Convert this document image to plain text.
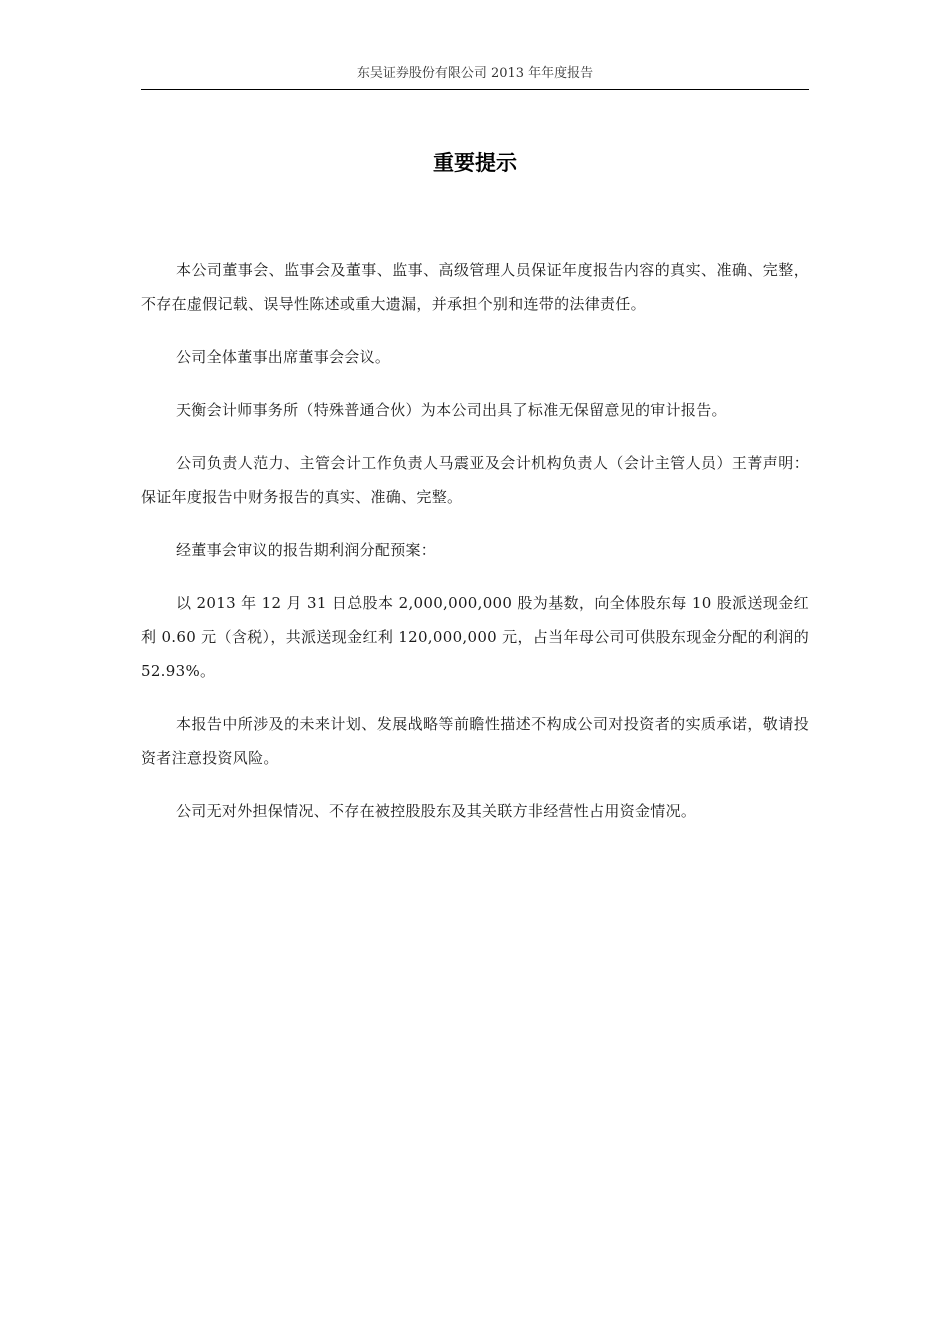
东吴证券股份有限公司 2013 年年度报告
重要提示

本公司董事会、监事会及董事、监事、高级管理人员保证年度报告内容的真实、准确、完整，不存在虚假记载、误导性陈述或重大遗漏，并承担个别和连带的法律责任。

公司全体董事出席董事会会议。

天衡会计师事务所（特殊普通合伙）为本公司出具了标准无保留意见的审计报告。

公司负责人范力、主管会计工作负责人马震亚及会计机构负责人（会计主管人员）王菁声明：保证年度报告中财务报告的真实、准确、完整。

经董事会审议的报告期利润分配预案：

以 2013 年 12 月 31 日总股本 2,000,000,000 股为基数，向全体股东每 10 股派送现金红利 0.60 元（含税），共派送现金红利 120,000,000 元，占当年母公司可供股东现金分配的利润的 52.93%。

本报告中所涉及的未来计划、发展战略等前瞻性描述不构成公司对投资者的实质承诺，敬请投资者注意投资风险。

公司无对外担保情况、不存在被控股股东及其关联方非经营性占用资金情况。
